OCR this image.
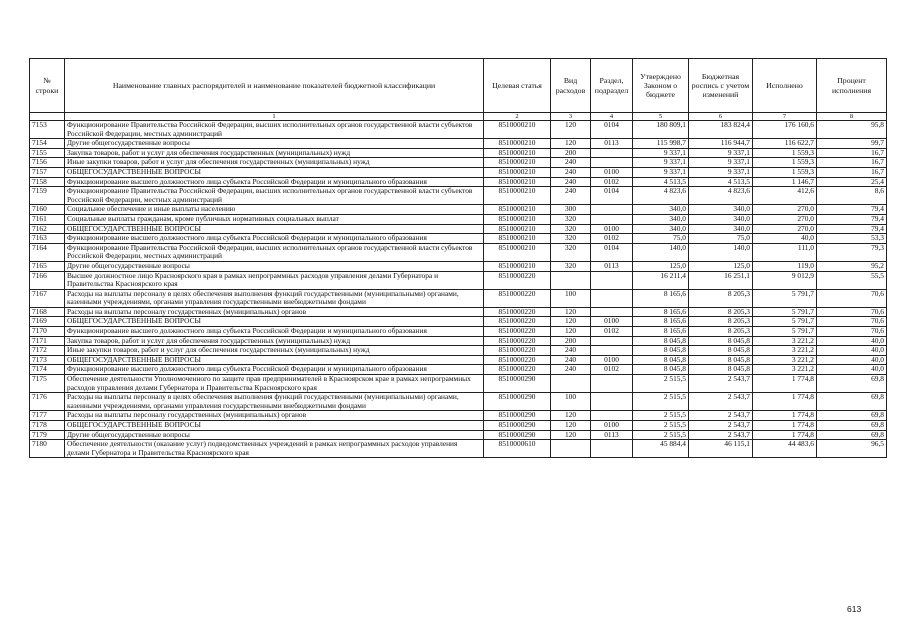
№ строки	Наименование главных распорядителей и наименование показателей бюджетной классификации	Целевая статья	Вид расходов	Раздел, подраздел	Утверждено Законом о бюджете	Бюджетная роспись с учетом изменений	Исполнено	Процент исполнения
	1	2	3	4	5	6	7	8
7153	Функционирование Правительства Российской Федерации, высших исполнительных органов государственной власти субъектов Российской Федерации, местных администраций	8510000210	120	0104	180 809,1	183 824,4	176 160,6	95,8
7154	Другие общегосударственные вопросы	8510000210	120	0113	115 998,7	116 944,7	116 622,7	99,7
7155	Закупка товаров, работ и услуг для обеспечения государственных (муниципальных) нужд	8510000210	200		9 337,1	9 337,1	1 559,3	16,7
7156	Иные закупки товаров, работ и услуг для обеспечения государственных (муниципальных) нужд	8510000210	240		9 337,1	9 337,1	1 559,3	16,7
7157	ОБЩЕГОСУДАРСТВЕННЫЕ ВОПРОСЫ	8510000210	240	0100	9 337,1	9 337,1	1 559,3	16,7
7158	Функционирование высшего должностного лица субъекта Российской Федерации и муниципального образования	8510000210	240	0102	4 513,5	4 513,5	1 146,7	25,4
7159	Функционирование Правительства Российской Федерации, высших исполнительных органов государственной власти субъектов Российской Федерации, местных администраций	8510000210	240	0104	4 823,6	4 823,6	412,6	8,6
7160	Социальное обеспечение и иные выплаты населению	8510000210	300		340,0	340,0	270,0	79,4
7161	Социальные выплаты гражданам, кроме публичных нормативных социальных выплат	8510000210	320		340,0	340,0	270,0	79,4
7162	ОБЩЕГОСУДАРСТВЕННЫЕ ВОПРОСЫ	8510000210	320	0100	340,0	340,0	270,0	79,4
7163	Функционирование высшего должностного лица субъекта Российской Федерации и муниципального образования	8510000210	320	0102	75,0	75,0	40,0	53,3
7164	Функционирование Правительства Российской Федерации, высших исполнительных органов государственной власти субъектов Российской Федерации, местных администраций	8510000210	320	0104	140,0	140,0	111,0	79,3
7165	Другие общегосударственные вопросы	8510000210	320	0113	125,0	125,0	119,0	95,2
7166	Высшее должностное лицо Красноярского края в рамках непрограммных расходов управления делами Губернатора и Правительства Красноярского края	8510000220			16 211,4	16 251,1	9 012,9	55,5
7167	Расходы на выплаты персоналу в целях обеспечения выполнения функций государственными (муниципальными) органами, казенными учреждениями, органами управления государственными внебюджетными фондами	8510000220	100		8 165,6	8 205,3	5 791,7	70,6
7168	Расходы на выплаты персоналу государственных (муниципальных) органов	8510000220	120		8 165,6	8 205,3	5 791,7	70,6
7169	ОБЩЕГОСУДАРСТВЕННЫЕ ВОПРОСЫ	8510000220	120	0100	8 165,6	8 205,3	5 791,7	70,6
7170	Функционирование высшего должностного лица субъекта Российской Федерации и муниципального образования	8510000220	120	0102	8 165,6	8 205,3	5 791,7	70,6
7171	Закупка товаров, работ и услуг для обеспечения государственных (муниципальных) нужд	8510000220	200		8 045,8	8 045,8	3 221,2	40,0
7172	Иные закупки товаров, работ и услуг для обеспечения государственных (муниципальных) нужд	8510000220	240		8 045,8	8 045,8	3 221,2	40,0
7173	ОБЩЕГОСУДАРСТВЕННЫЕ ВОПРОСЫ	8510000220	240	0100	8 045,8	8 045,8	3 221,2	40,0
7174	Функционирование высшего должностного лица субъекта Российской Федерации и муниципального образования	8510000220	240	0102	8 045,8	8 045,8	3 221,2	40,0
7175	Обеспечение деятельности Уполномоченного по защите прав предпринимателей в Красноярском крае в рамках непрограммных расходов управления делами Губернатора и Правительства Красноярского края	8510000290			2 515,5	2 543,7	1 774,8	69,8
7176	Расходы на выплаты персоналу в целях обеспечения выполнения функций государственными (муниципальными) органами, казенными учреждениями, органами управления государственными внебюджетными фондами	8510000290	100		2 515,5	2 543,7	1 774,8	69,8
7177	Расходы на выплаты персоналу государственных (муниципальных) органов	8510000290	120		2 515,5	2 543,7	1 774,8	69,8
7178	ОБЩЕГОСУДАРСТВЕННЫЕ ВОПРОСЫ	8510000290	120	0100	2 515,5	2 543,7	1 774,8	69,8
7179	Другие общегосударственные вопросы	8510000290	120	0113	2 515,5	2 543,7	1 774,8	69,8
7180	Обеспечение деятельности (оказание услуг) подведомственных учреждений в рамках непрограммных расходов управления делами Губернатора и Правительства Красноярского края	8510000610			45 884,4	46 115,1	44 483,6	96,5
613
